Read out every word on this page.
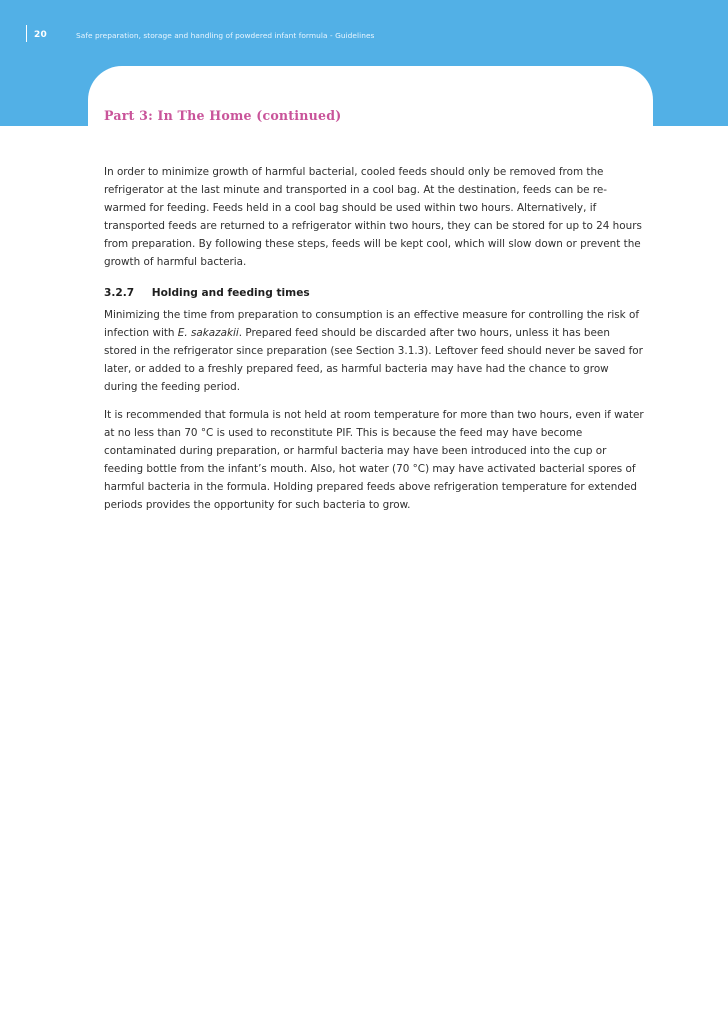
20	Safe preparation, storage and handling of powdered infant formula - Guidelines
Part 3: In The Home (continued)

In order to minimize growth of harmful bacterial, cooled feeds should only be removed from the refrigerator at the last minute and transported in a cool bag. At the destination, feeds can be re-warmed for feeding. Feeds held in a cool bag should be used within two hours. Alternatively, if transported feeds are returned to a refrigerator within two hours, they can be stored for up to 24 hours from preparation. By following these steps, feeds will be kept cool, which will slow down or prevent the growth of harmful bacteria.

3.2.7 Holding and feeding times

Minimizing the time from preparation to consumption is an effective measure for controlling the risk of infection with E. sakazakii. Prepared feed should be discarded after two hours, unless it has been stored in the refrigerator since preparation (see Section 3.1.3). Leftover feed should never be saved for later, or added to a freshly prepared feed, as harmful bacteria may have had the chance to grow during the feeding period.

It is recommended that formula is not held at room temperature for more than two hours, even if water at no less than 70 °C is used to reconstitute PIF. This is because the feed may have become contaminated during preparation, or harmful bacteria may have been introduced into the cup or feeding bottle from the infant’s mouth. Also, hot water (70 °C) may have activated bacterial spores of harmful bacteria in the formula. Holding prepared feeds above refrigeration temperature for extended periods provides the opportunity for such bacteria to grow.
